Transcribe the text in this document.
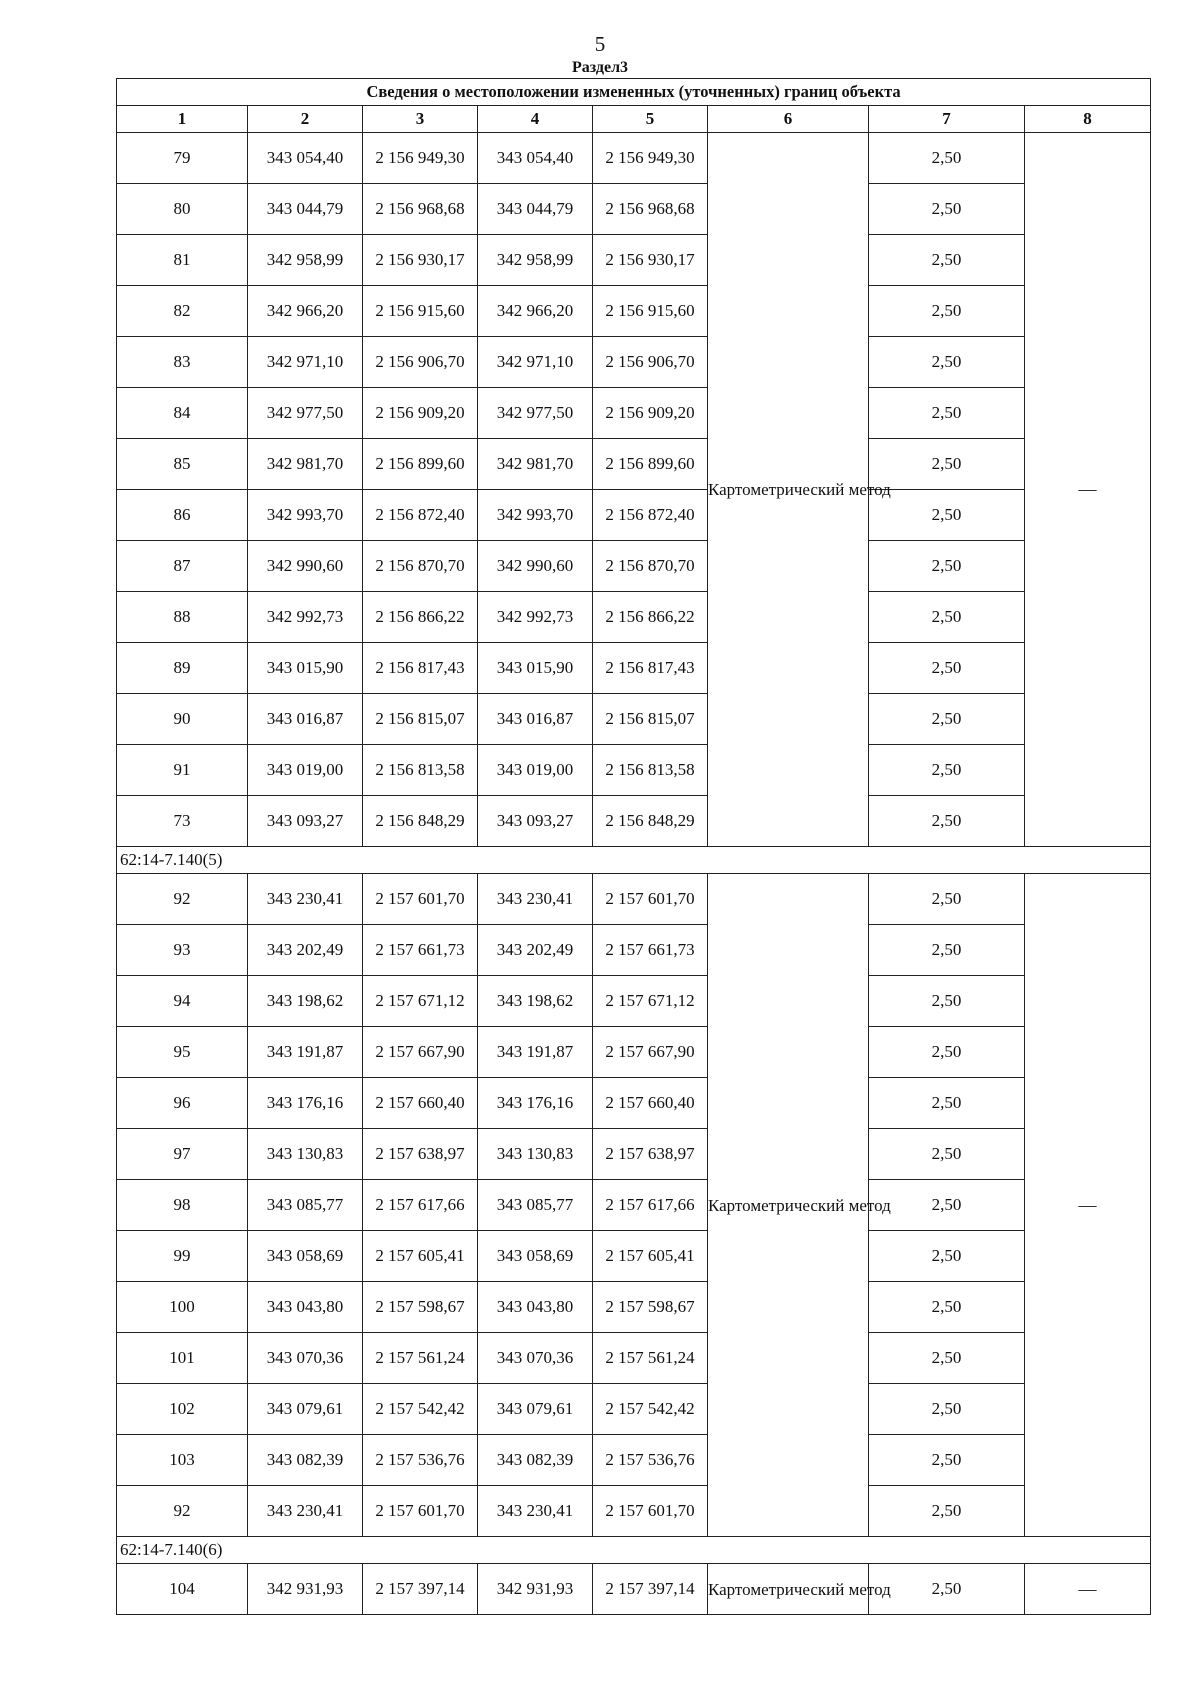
5
Раздел3
Сведения о местоположении измененных (уточненных) границ объекта							
1	2	3	4	5	6	7	8
79	343 054,40	2 156 949,30	343 054,40	2 156 949,30	Картометрический метод	2,50	—
80	343 044,79	2 156 968,68	343 044,79	2 156 968,68		2,50	
81	342 958,99	2 156 930,17	342 958,99	2 156 930,17		2,50	
82	342 966,20	2 156 915,60	342 966,20	2 156 915,60		2,50	
83	342 971,10	2 156 906,70	342 971,10	2 156 906,70		2,50	
84	342 977,50	2 156 909,20	342 977,50	2 156 909,20		2,50	
85	342 981,70	2 156 899,60	342 981,70	2 156 899,60		2,50	
86	342 993,70	2 156 872,40	342 993,70	2 156 872,40		2,50	
87	342 990,60	2 156 870,70	342 990,60	2 156 870,70		2,50	
88	342 992,73	2 156 866,22	342 992,73	2 156 866,22		2,50	
89	343 015,90	2 156 817,43	343 015,90	2 156 817,43		2,50	
90	343 016,87	2 156 815,07	343 016,87	2 156 815,07		2,50	
91	343 019,00	2 156 813,58	343 019,00	2 156 813,58		2,50	
73	343 093,27	2 156 848,29	343 093,27	2 156 848,29		2,50	
62:14-7.140(5)							
92	343 230,41	2 157 601,70	343 230,41	2 157 601,70	Картометрический метод	2,50	—
93	343 202,49	2 157 661,73	343 202,49	2 157 661,73		2,50	
94	343 198,62	2 157 671,12	343 198,62	2 157 671,12		2,50	
95	343 191,87	2 157 667,90	343 191,87	2 157 667,90		2,50	
96	343 176,16	2 157 660,40	343 176,16	2 157 660,40		2,50	
97	343 130,83	2 157 638,97	343 130,83	2 157 638,97		2,50	
98	343 085,77	2 157 617,66	343 085,77	2 157 617,66		2,50	
99	343 058,69	2 157 605,41	343 058,69	2 157 605,41		2,50	
100	343 043,80	2 157 598,67	343 043,80	2 157 598,67		2,50	
101	343 070,36	2 157 561,24	343 070,36	2 157 561,24		2,50	
102	343 079,61	2 157 542,42	343 079,61	2 157 542,42		2,50	
103	343 082,39	2 157 536,76	343 082,39	2 157 536,76		2,50	
92	343 230,41	2 157 601,70	343 230,41	2 157 601,70		2,50	
62:14-7.140(6)							
104	342 931,93	2 157 397,14	342 931,93	2 157 397,14	Картометрический метод	2,50	—
